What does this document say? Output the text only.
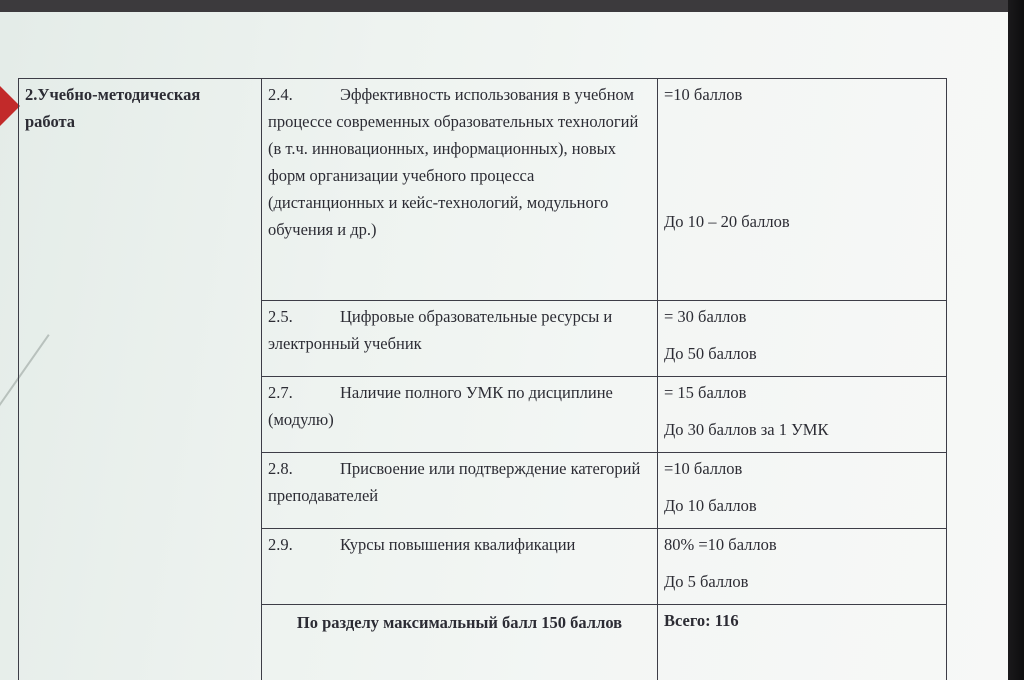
2.Учебно-методическая работа	2.4. Эффективность использования в учебном процессе современных образовательных технологий (в т.ч. инновационных, информационных), новых форм организации учебного процесса (дистанционных и кейс-технологий, модульного обучения и др.)	=10 баллов
До 10 – 20 баллов

	2.5. Цифровые образовательные ресурсы и электронный учебник	= 30 баллов
До 50 баллов

	2.7. Наличие полного УМК по дисциплине (модулю)	= 15 баллов
До 30 баллов за 1 УМК

	2.8. Присвоение или подтверждение категорий преподавателей	=10 баллов
До 10 баллов

	2.9. Курсы повышения квалификации	80% =10 баллов
До 5 баллов

	По разделу максимальный балл 150 баллов	Всего: 116
